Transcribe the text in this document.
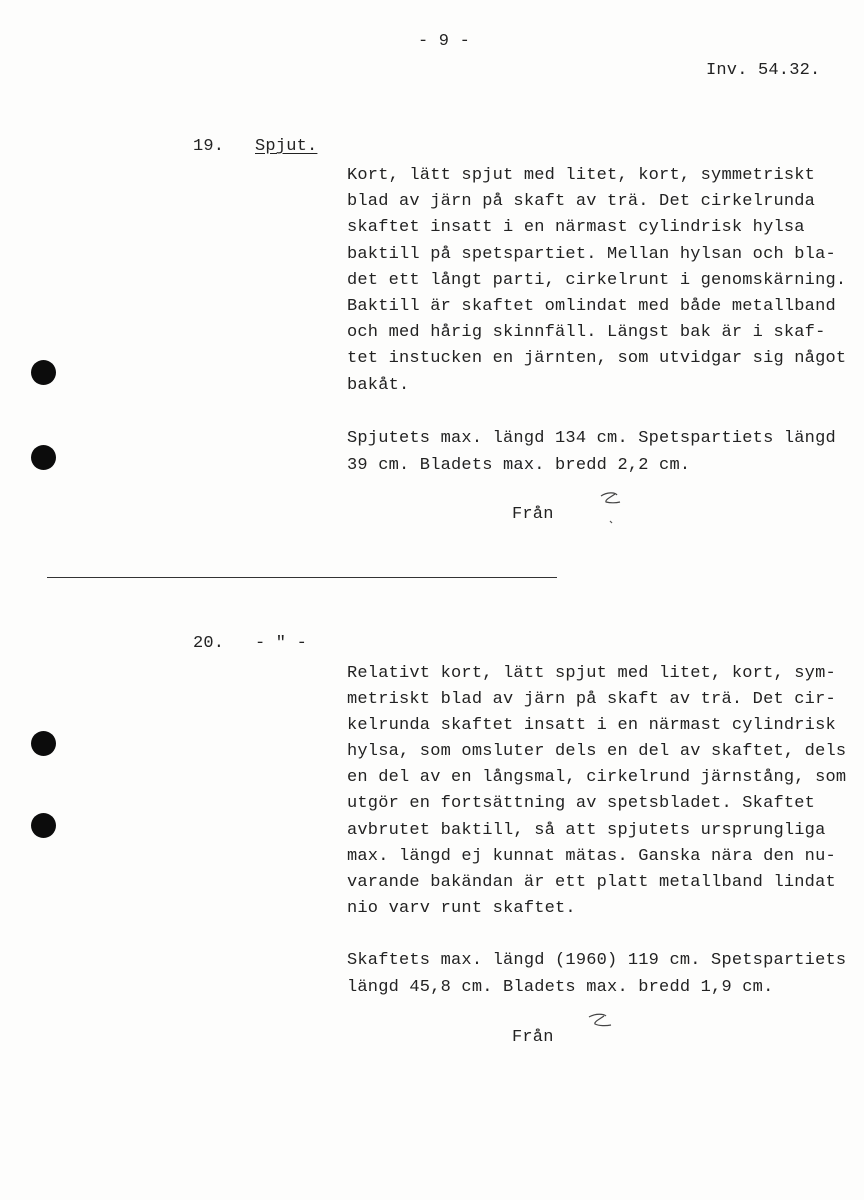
- 9 -
Inv. 54.32.
19. Spjut.
Kort, lätt spjut med litet, kort, symmetriskt
blad av järn på skaft av trä. Det cirkelrunda
skaftet insatt i en närmast cylindrisk hylsa
baktill på spetspartiet. Mellan hylsan och bla-
det ett långt parti, cirkelrunt i genomskärning.
Baktill är skaftet omlindat med både metallband
och med hårig skinnfäll. Längst bak är i skaf-
tet instucken en järnten, som utvidgar sig något
bakåt.
Spjutets max. längd 134 cm. Spetspartiets längd
39 cm. Bladets max. bredd 2,2 cm.
Från
20. - " -
Relativt kort, lätt spjut med litet, kort, sym-
metriskt blad av järn på skaft av trä. Det cir-
kelrunda skaftet insatt i en närmast cylindrisk
hylsa, som omsluter dels en del av skaftet, dels
en del av en långsmal, cirkelrund järnstång, som
utgör en fortsättning av spetsbladet. Skaftet
avbrutet baktill, så att spjutets ursprungliga
max. längd ej kunnat mätas. Ganska nära den nu-
varande bakändan är ett platt metallband lindat
nio varv runt skaftet.
Skaftets max. längd (1960) 119 cm. Spetspartiets
längd 45,8 cm. Bladets max. bredd 1,9 cm.
Från
